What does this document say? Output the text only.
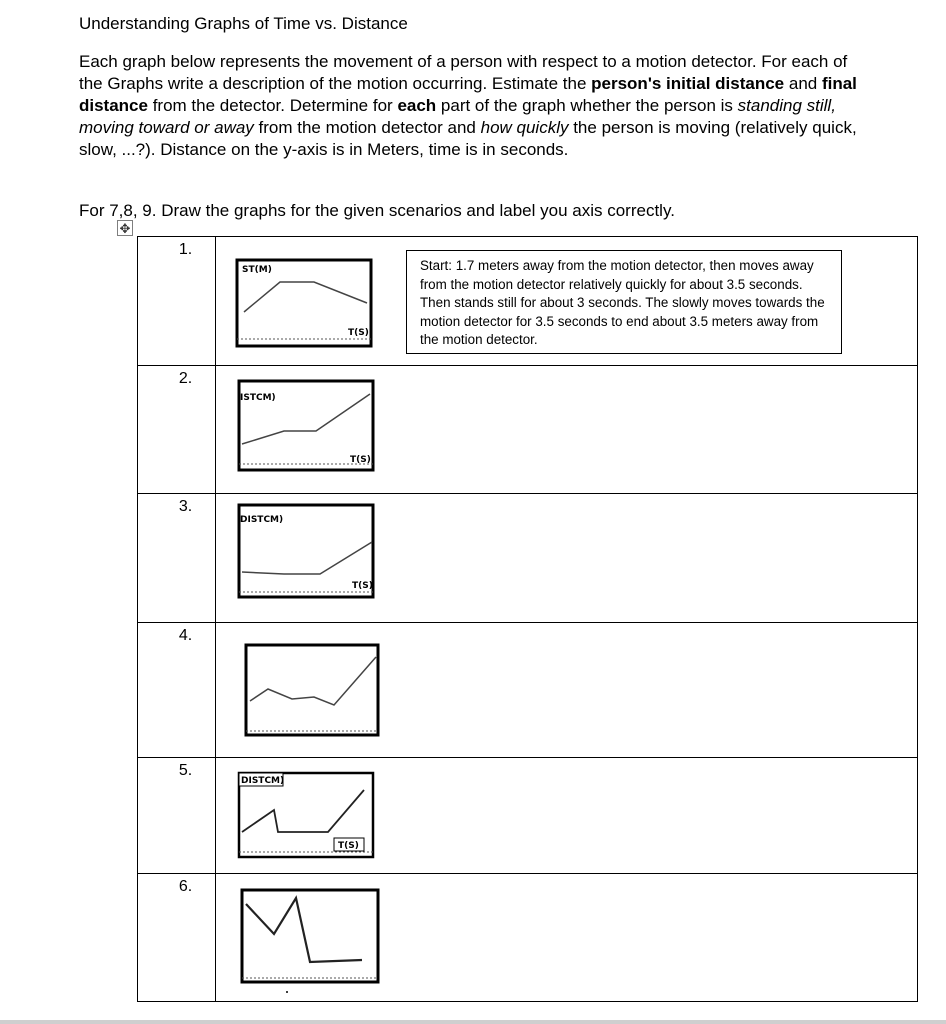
Understanding Graphs of Time vs. Distance
Each graph below represents the movement of a person with respect to a motion detector. For each of the Graphs write a description of the motion occurring. Estimate the person's initial distance and final distance from the detector. Determine for each part of the graph whether the person is standing still, moving toward or away from the motion detector and how quickly the person is moving (relatively quick, slow, ...?). Distance on the y-axis is in Meters, time is in seconds.
For 7,8, 9. Draw the graphs for the given scenarios and label you axis correctly.
✥
1.	ST(M)
T(S)
Start: 1.7 meters away from the motion detector, then moves away from the motion detector relatively quickly for about 3.5 seconds. Then stands still for about 3 seconds. The slowly moves towards the motion detector for 3.5 seconds to end about 3.5 meters away from the motion detector.

2.	ISTCM)
T(S)

3.	DISTCM)
T(S)

4.	

5.	DISTCM)
T(S)

6.	
